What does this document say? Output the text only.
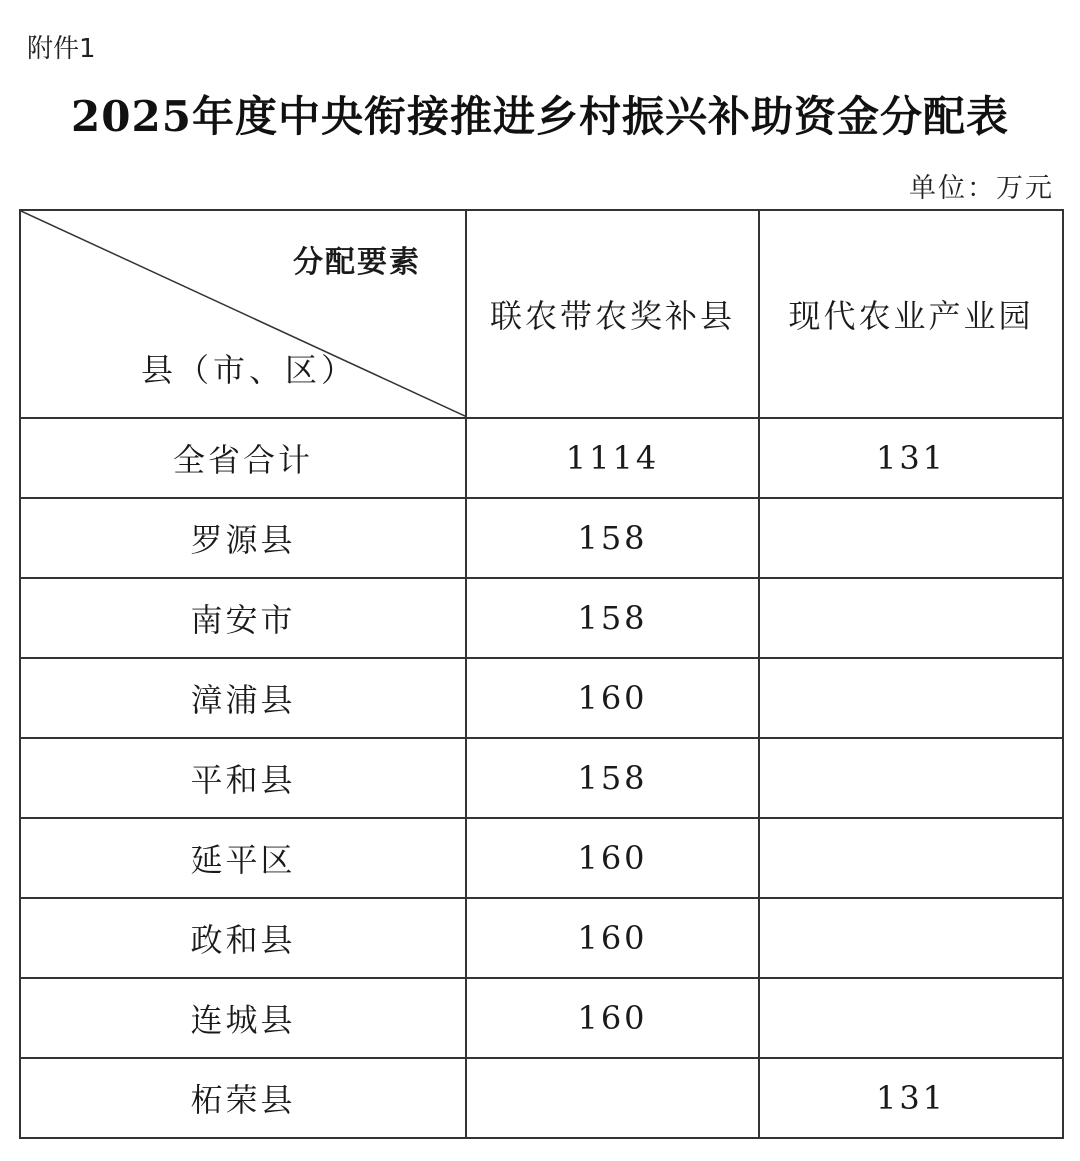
附件1
2025年度中央衔接推进乡村振兴补助资金分配表
单位：万元
分配要素
县（市、区）	联农带农奖补县	现代农业产业园
全省合计	1114	131
罗源县	158	
南安市	158	
漳浦县	160	
平和县	158	
延平区	160	
政和县	160	
连城县	160	
柘荣县		131
